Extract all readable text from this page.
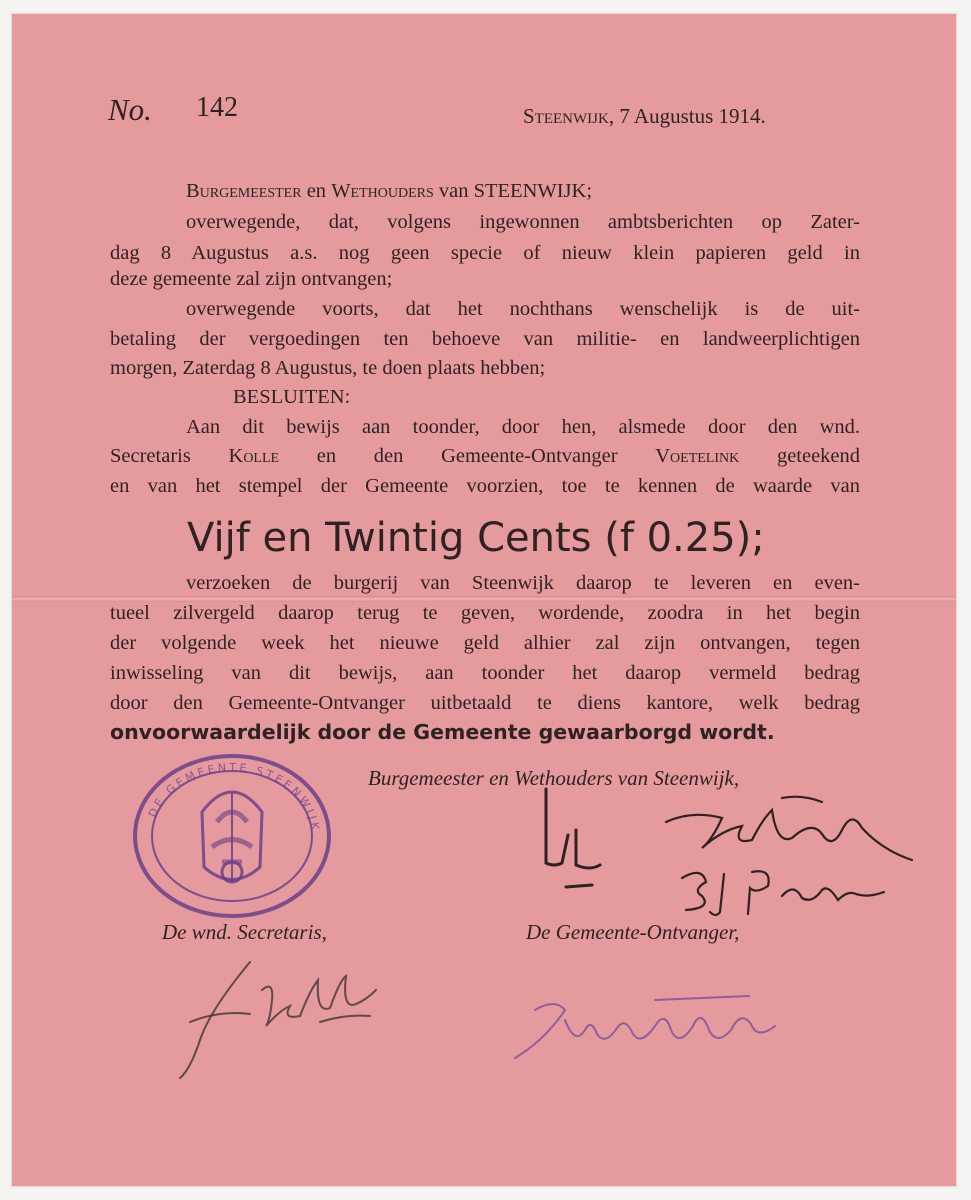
No. 142	Steenwijk, 7 Augustus 1914.
Burgemeester en Wethouders van STEENWIJK;
overwegende, dat, volgens ingewonnen ambtsberichten op Zater-
dag 8 Augustus a.s. nog geen specie of nieuw klein papieren geld in
deze gemeente zal zijn ontvangen;
overwegende voorts, dat het nochthans wenschelijk is de uit-
betaling der vergoedingen ten behoeve van militie- en landweerplichtigen
morgen, Zaterdag 8 Augustus, te doen plaats hebben;
BESLUITEN:
Aan dit bewijs aan toonder, door hen, alsmede door den wnd.
Secretaris Kolle en den Gemeente-Ontvanger Voetelink geteekend
en van het stempel der Gemeente voorzien, toe te kennen de waarde van
Vijf en Twintig Cents (f 0.25);
verzoeken de burgerij van Steenwijk daarop te leveren en even-
tueel zilvergeld daarop terug te geven, wordende, zoodra in het begin
der volgende week het nieuwe geld alhier zal zijn ontvangen, tegen
inwisseling van dit bewijs, aan toonder het daarop vermeld bedrag
door den Gemeente-Ontvanger uitbetaald te diens kantore, welk bedrag
onvoorwaardelijk door de Gemeente gewaarborgd wordt.
Burgemeester en Wethouders van Steenwijk,
De wnd. Secretaris,	De Gemeente-Ontvanger,
DE GEMEENTE STEENWIJK
